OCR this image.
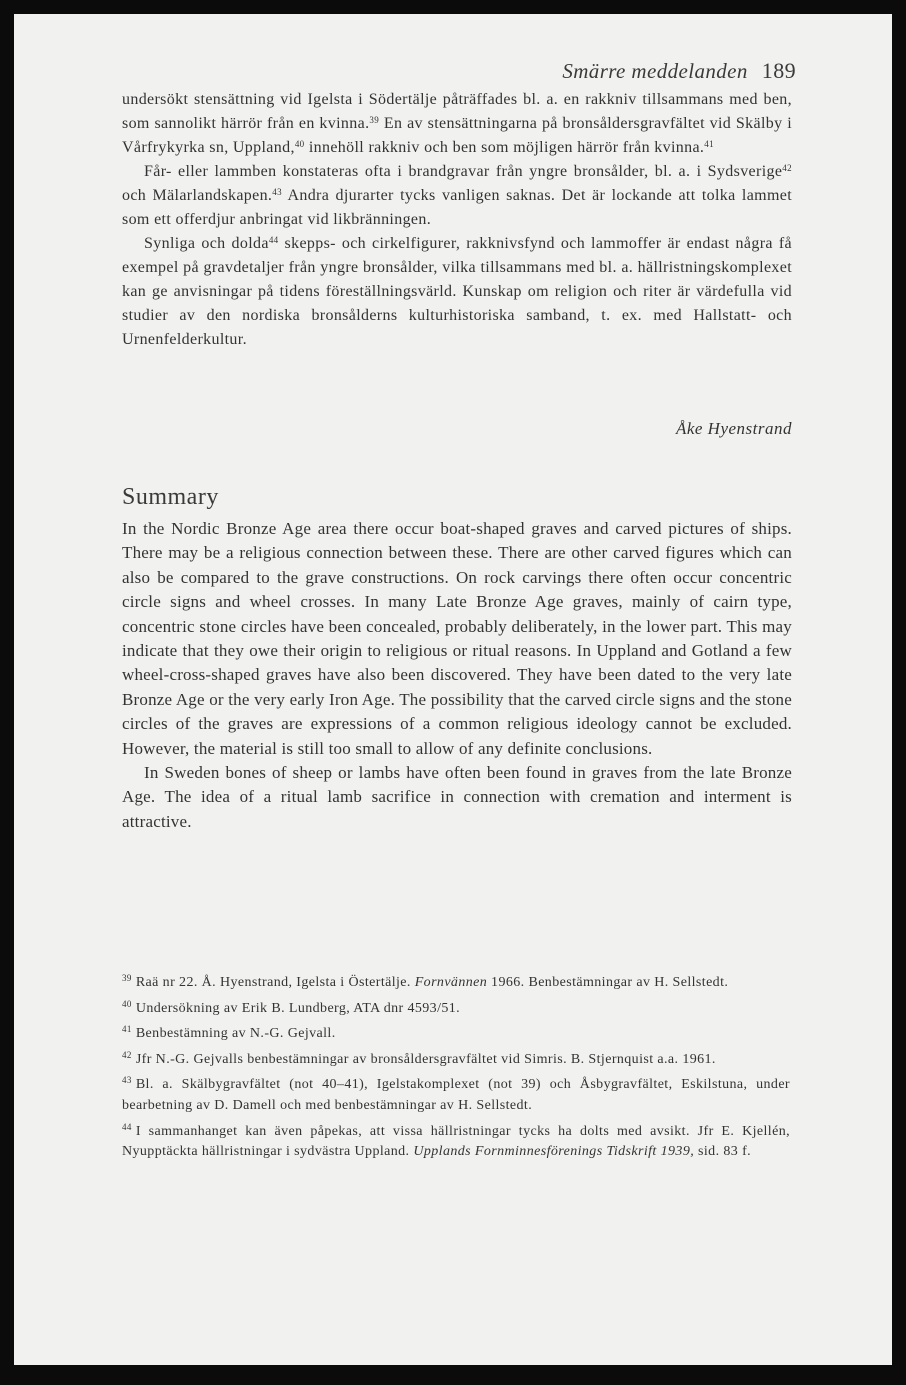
Smärre meddelanden 189

undersökt stensättning vid Igelsta i Södertälje påträffades bl. a. en rakkniv tillsammans med ben, som sannolikt härrör från en kvinna.$^{39}$ En av stensättningarna på bronsåldersgravfältet vid Skälby i Vårfrykyrka sn, Uppland,$^{40}$ innehöll rakkniv och ben som möjligen härrör från kvinna.$^{41}$

Får- eller lammben konstateras ofta i brandgravar från yngre bronsålder, bl. a. i Sydsverige$^{42}$ och Mälarlandskapen.$^{43}$ Andra djurarter tycks vanligen saknas. Det är lockande att tolka lammet som ett offerdjur anbringat vid likbränningen.

Synliga och dolda$^{44}$ skepps- och cirkelfigurer, rakknivsfynd och lammoffer är endast några få exempel på gravdetaljer från yngre bronsålder, vilka tillsammans med bl. a. hällristningskomplexet kan ge anvisningar på tidens föreställningsvärld. Kunskap om religion och riter är värdefulla vid studier av den nordiska bronsålderns kulturhistoriska samband, t. ex. med Hallstatt- och Urnenfelderkultur.

Åke Hyenstrand
Summary

In the Nordic Bronze Age area there occur boat-shaped graves and carved pictures of ships. There may be a religious connection between these. There are other carved figures which can also be compared to the grave constructions. On rock carvings there often occur concentric circle signs and wheel crosses. In many Late Bronze Age graves, mainly of cairn type, concentric stone circles have been concealed, probably deliberately, in the lower part. This may indicate that they owe their origin to religious or ritual reasons. In Uppland and Gotland a few wheel-cross-shaped graves have also been discovered. They have been dated to the very late Bronze Age or the very early Iron Age. The possibility that the carved circle signs and the stone circles of the graves are expressions of a common religious ideology cannot be excluded. However, the material is still too small to allow of any definite conclusions.

In Sweden bones of sheep or lambs have often been found in graves from the late Bronze Age. The idea of a ritual lamb sacrifice in connection with cremation and interment is attractive.

$^{39}$ Raä nr 22. Å. Hyenstrand, Igelsta i Östertälje. Fornvännen 1966. Benbestämningar av H. Sellstedt.

$^{40}$ Undersökning av Erik B. Lundberg, ATA dnr 4593/51.

$^{41}$ Benbestämning av N.-G. Gejvall.

$^{42}$ Jfr N.-G. Gejvalls benbestämningar av bronsåldersgravfältet vid Simris. B. Stjernquist a.a. 1961.

$^{43}$ Bl. a. Skälbygravfältet (not 40–41), Igelstakomplexet (not 39) och Åsbygravfältet, Eskilstuna, under bearbetning av D. Damell och med benbestämningar av H. Sellstedt.

$^{44}$ I sammanhanget kan även påpekas, att vissa hällristningar tycks ha dolts med avsikt. Jfr E. Kjellén, Nyupptäckta hällristningar i sydvästra Uppland. Upplands Fornminnesförenings Tidskrift 1939, sid. 83 f.
